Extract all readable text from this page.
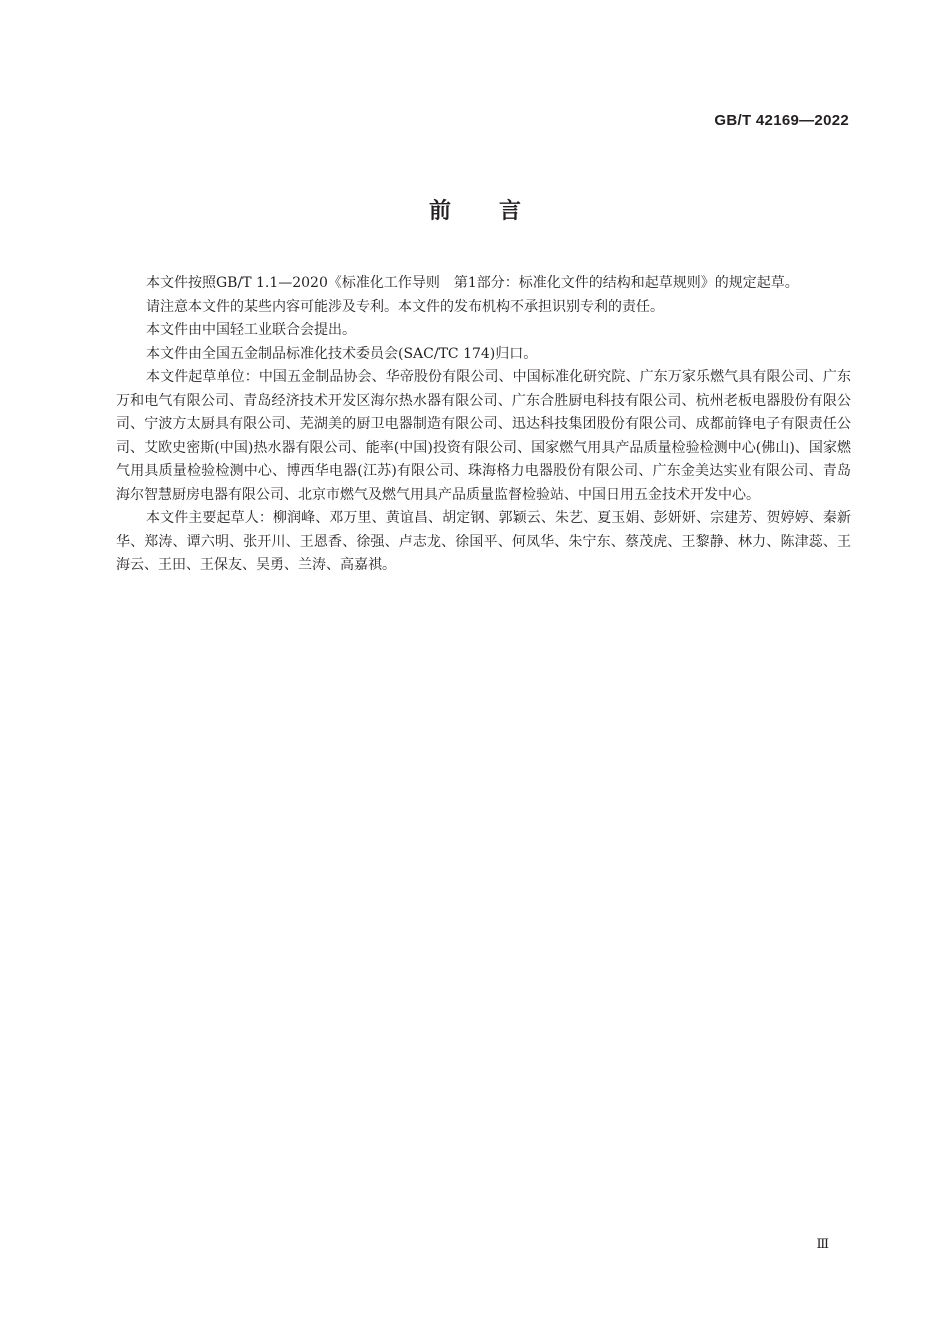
GB/T 42169—2022
前言

本文件按照GB/T 1.1—2020《标准化工作导则　第1部分：标准化文件的结构和起草规则》的规定起草。

请注意本文件的某些内容可能涉及专利。本文件的发布机构不承担识别专利的责任。

本文件由中国轻工业联合会提出。

本文件由全国五金制品标准化技术委员会(SAC/TC 174)归口。

本文件起草单位：中国五金制品协会、华帝股份有限公司、中国标准化研究院、广东万家乐燃气具有限公司、广东万和电气有限公司、青岛经济技术开发区海尔热水器有限公司、广东合胜厨电科技有限公司、杭州老板电器股份有限公司、宁波方太厨具有限公司、芜湖美的厨卫电器制造有限公司、迅达科技集团股份有限公司、成都前锋电子有限责任公司、艾欧史密斯(中国)热水器有限公司、能率(中国)投资有限公司、国家燃气用具产品质量检验检测中心(佛山)、国家燃气用具质量检验检测中心、博西华电器(江苏)有限公司、珠海格力电器股份有限公司、广东金美达实业有限公司、青岛海尔智慧厨房电器有限公司、北京市燃气及燃气用具产品质量监督检验站、中国日用五金技术开发中心。

本文件主要起草人：柳润峰、邓万里、黄谊昌、胡定钢、郭颖云、朱艺、夏玉娟、彭妍妍、宗建芳、贺婷婷、秦新华、郑涛、谭六明、张开川、王恩香、徐强、卢志龙、徐国平、何凤华、朱宁东、蔡茂虎、王黎静、林力、陈津蕊、王海云、王田、王保友、吴勇、兰涛、高嘉祺。

Ⅲ
